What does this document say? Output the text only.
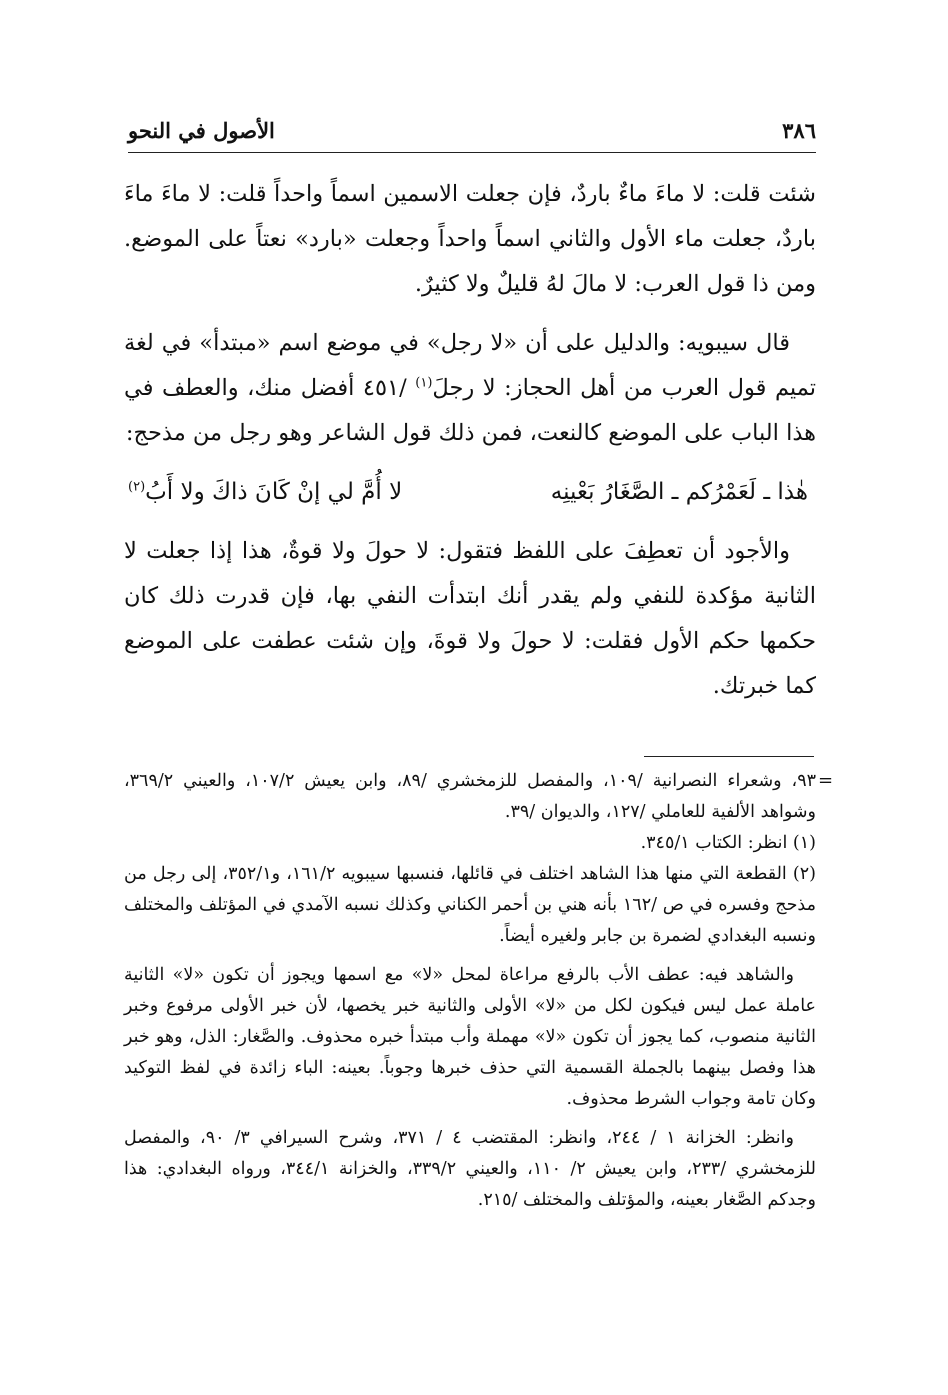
٣٨٦
الأصول في النحو

شئت قلت: لا ماءَ ماءٌ باردٌ، فإن جعلت الاسمين اسماً واحداً قلت: لا ماءَ ماءَ باردٌ، جعلت ماء الأول والثاني اسماً واحداً وجعلت «بارد» نعتاً على الموضع. ومن ذا قول العرب: لا مالَ لهُ قليلٌ ولا كثيرٌ.

قال سيبويه: والدليل على أن «لا رجل» في موضع اسم «مبتدأ» في لغة تميم قول العرب من أهل الحجاز: لا رجلَ$^{(١)}$ /٤٥١ أفضل منك، والعطف في هذا الباب على الموضع كالنعت، فمن ذلك قول الشاعر وهو رجل من مذحج:

هٰذا ـ لَعَمْرُكم ـ الصَّغَارُ بَعْينِه
لا أُمَّ لي إنْ كَانَ ذاكَ ولا أَبُ$^{(٢)}$

والأجود أن تعطِفَ على اللفظ فتقول: لا حولَ ولا قوةٌ، هذا إذا جعلت لا الثانية مؤكدة للنفي ولم يقدر أنك ابتدأت النفي بها، فإن قدرت ذلك كان حكمها حكم الأول فقلت: لا حولَ ولا قوةَ، وإن شئت عطفت على الموضع كما خبرتك.

=

٩٣، وشعراء النصرانية /١٠٩، والمفصل للزمخشري /٨٩، وابن يعيش ١٠٧/٢، والعيني ٣٦٩/٢، وشواهد الألفية للعاملي /١٢٧، والديوان /٣٩.

(١) انظر: الكتاب ٣٤٥/١.

(٢) القطعة التي منها هذا الشاهد اختلف في قائلها، فنسبها سيبويه ١٦١/٢، و٣٥٢/١، إلى رجل من مذحج وفسره في ص /١٦٢ بأنه هني بن أحمر الكناني وكذلك نسبه الآمدي في المؤتلف والمختلف ونسبه البغدادي لضمرة بن جابر ولغيره أيضاً.

والشاهد فيه: عطف الأب بالرفع مراعاة لمحل «لا» مع اسمها ويجوز أن تكون «لا» الثانية عاملة عمل ليس فيكون لكل من «لا» الأولى والثانية خبر يخصها، لأن خبر الأولى مرفوع وخبر الثانية منصوب، كما يجوز أن تكون «لا» مهملة وأب مبتدأ خبره محذوف. والصَّغار: الذل، وهو خبر هذا وفصل بينهما بالجملة القسمية التي حذف خبرها وجوباً. بعينه: الباء زائدة في لفظ التوكيد وكان تامة وجواب الشرط محذوف.

وانظر: الخزانة ١ / ٢٤٤، وانظر: المقتضب ٤ / ٣٧١، وشرح السيرافي ٣/ ٩٠، والمفصل للزمخشري /٢٣٣، وابن يعيش ٢/ ١١٠، والعيني ٣٣٩/٢، والخزانة ٣٤٤/١، ورواه البغدادي: هذا وجدكم الصَّغار بعينه، والمؤتلف والمختلف /٢١٥.
